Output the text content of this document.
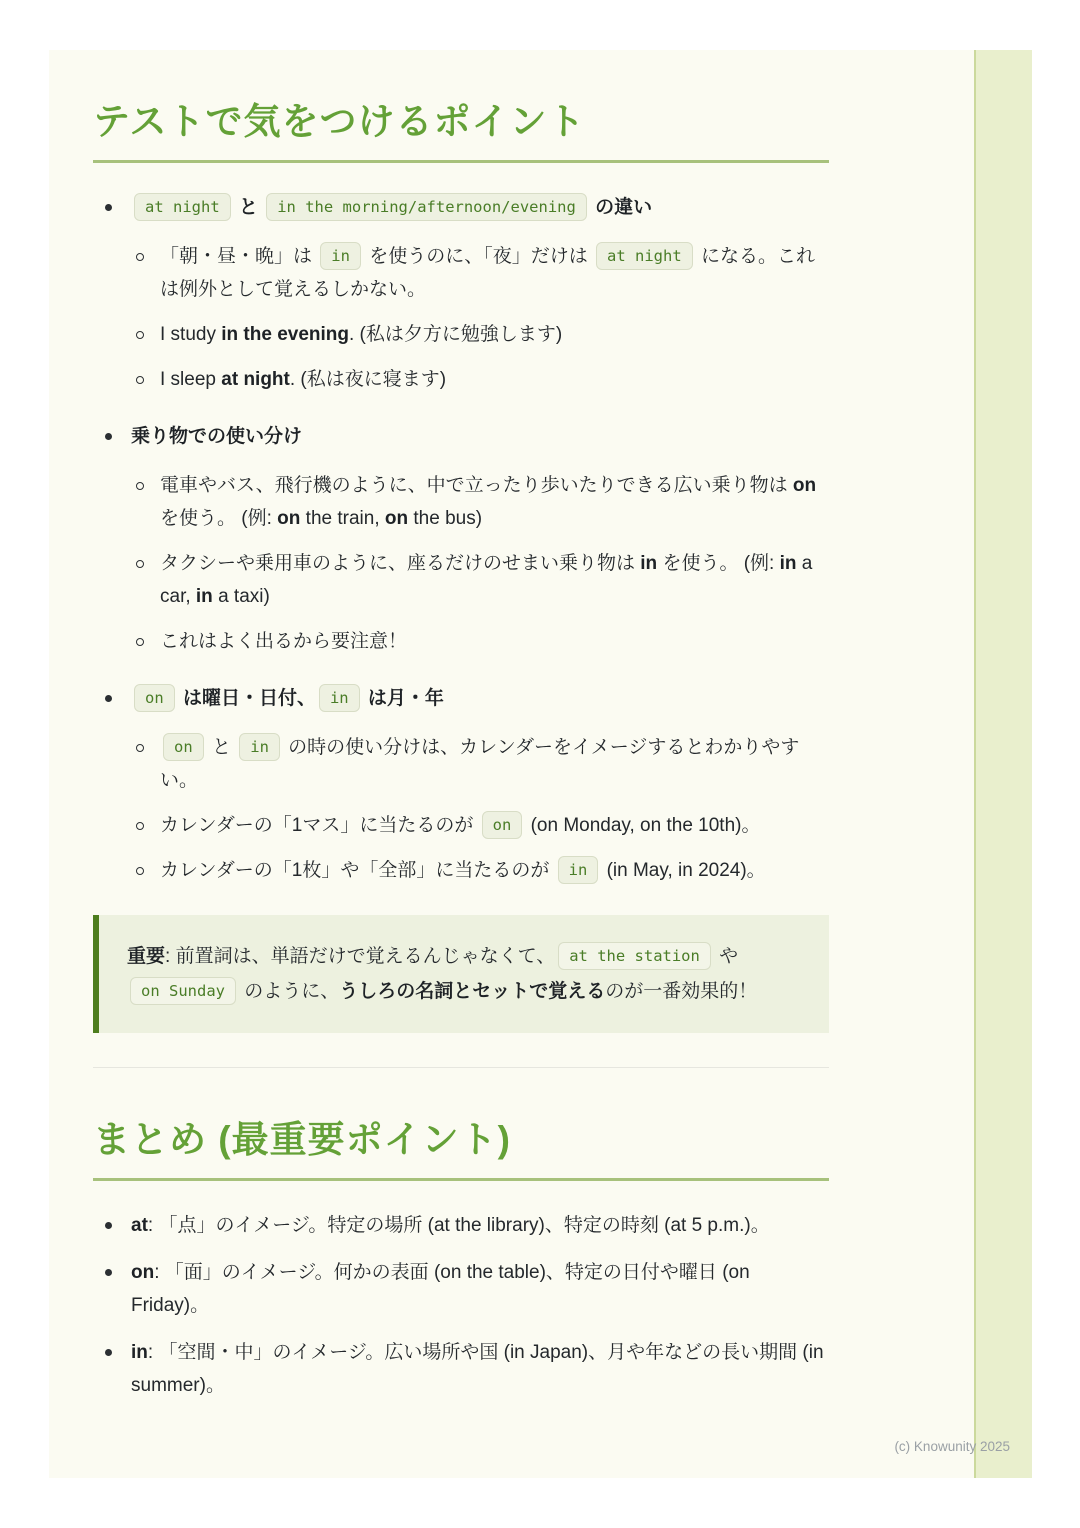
テストで気をつけるポイント
at night と in the morning/afternoon/evening の違い
「朝・昼・晩」は in を使うのに、「夜」だけは at night になる。これは例外として覚えるしかない。
I study in the evening. (私は夕方に勉強します)
I sleep at night. (私は夜に寝ます)
乗り物での使い分け
電車やバス、飛行機のように、中で立ったり歩いたりできる広い乗り物は on を使う。 (例: on the train, on the bus)
タクシーや乗用車のように、座るだけのせまい乗り物は in を使う。 (例: in a car, in a taxi)
これはよく出るから要注意！
on は曜日・日付、 in は月・年
on と in の時の使い分けは、カレンダーをイメージするとわかりやすい。
カレンダーの「1マス」に当たるのが on (on Monday, on the 10th)。
カレンダーの「1枚」や「全部」に当たるのが in (in May, in 2024)。
重要: 前置詞は、単語だけで覚えるんじゃなくて、 at the station や on Sunday のように、うしろの名詞とセットで覚えるのが一番効果的！
まとめ (最重要ポイント)
at: 「点」のイメージ。特定の場所 (at the library)、特定の時刻 (at 5 p.m.)。
on: 「面」のイメージ。何かの表面 (on the table)、特定の日付や曜日 (on Friday)。
in: 「空間・中」のイメージ。広い場所や国 (in Japan)、月や年などの長い期間 (in summer)。
(c) Knowunity 2025
